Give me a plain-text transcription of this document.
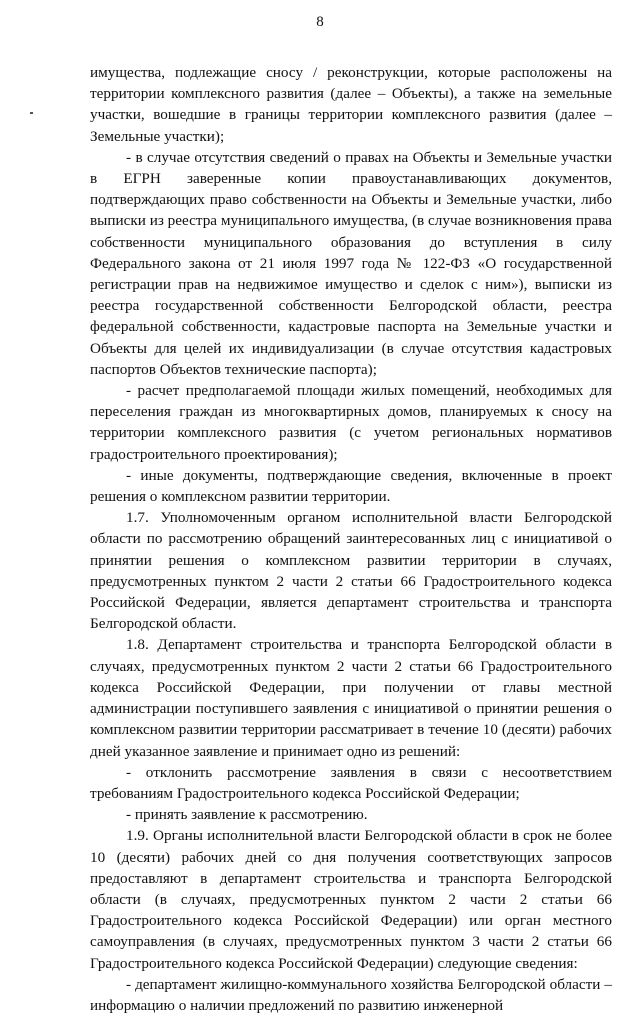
8

имущества, подлежащие сносу / реконструкции, которые расположены на территории комплексного развития (далее – Объекты), а также на земельные участки, вошедшие в границы территории комплексного развития (далее – Земельные участки);

- в случае отсутствия сведений о правах на Объекты и Земельные участки в ЕГРН заверенные копии правоустанавливающих документов, подтверждающих право собственности на Объекты и Земельные участки, либо выписки из реестра муниципального имущества, (в случае возникновения права собственности муниципального образования до вступления в силу Федерального закона от 21 июля 1997 года № 122-ФЗ «О государственной регистрации прав на недвижимое имущество и сделок с ним»), выписки из реестра государственной собственности Белгородской области, реестра федеральной собственности, кадастровые паспорта на Земельные участки и Объекты для целей их индивидуализации (в случае отсутствия кадастровых паспортов Объектов технические паспорта);

- расчет предполагаемой площади жилых помещений, необходимых для переселения граждан из многоквартирных домов, планируемых к сносу на территории комплексного развития (с учетом региональных нормативов градостроительного проектирования);

- иные документы, подтверждающие сведения, включенные в проект решения о комплексном развитии территории.

1.7. Уполномоченным органом исполнительной власти Белгородской области по рассмотрению обращений заинтересованных лиц с инициативой о принятии решения о комплексном развитии территории в случаях, предусмотренных пунктом 2 части 2 статьи 66 Градостроительного кодекса Российской Федерации, является департамент строительства и транспорта Белгородской области.

1.8. Департамент строительства и транспорта Белгородской области в случаях, предусмотренных пунктом 2 части 2 статьи 66 Градостроительного кодекса Российской Федерации, при получении от главы местной администрации поступившего заявления с инициативой о принятии решения о комплексном развитии территории рассматривает в течение 10 (десяти) рабочих дней указанное заявление и принимает одно из решений:

- отклонить рассмотрение заявления в связи с несоответствием требованиям Градостроительного кодекса Российской Федерации;

- принять заявление к рассмотрению.

1.9. Органы исполнительной власти Белгородской области в срок не более 10 (десяти) рабочих дней со дня получения соответствующих запросов предоставляют в департамент строительства и транспорта Белгородской области (в случаях, предусмотренных пунктом 2 части 2 статьи 66 Градостроительного кодекса Российской Федерации) или орган местного самоуправления (в случаях, предусмотренных пунктом 3 части 2 статьи 66 Градостроительного кодекса Российской Федерации) следующие сведения:

- департамент жилищно-коммунального хозяйства Белгородской области – информацию о наличии предложений по развитию инженерной
